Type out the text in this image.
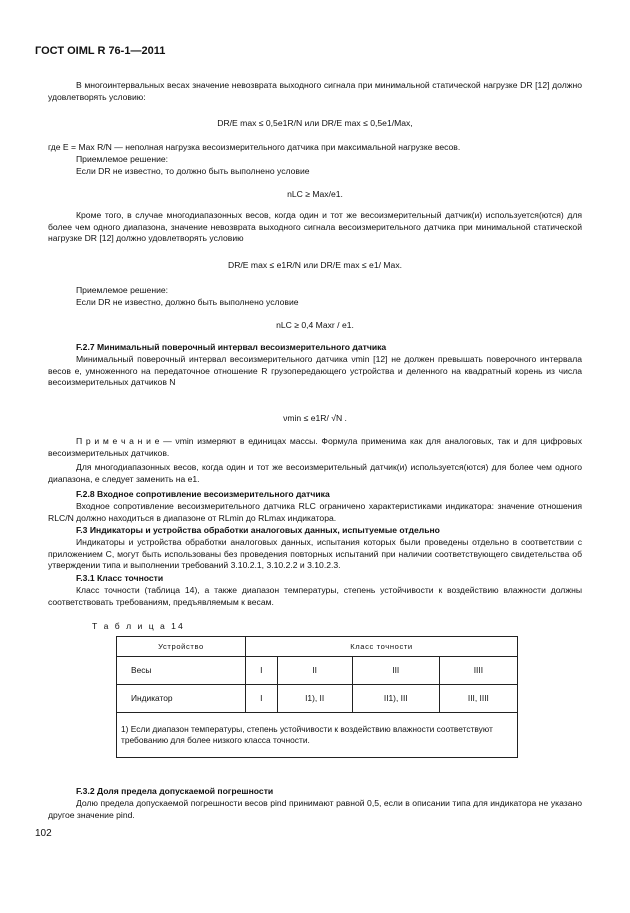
ГОСТ OIML R 76-1—2011
В многоинтервальных весах значение невозврата выходного сигнала при минимальной статической нагрузке DR [12] должно удовлетворять условию:
DR/E max ≤ 0,5e1R/N или DR/E max ≤ 0,5e1/Max,
где E = Max R/N — неполная нагрузка весоизмерительного датчика при максимальной нагрузке весов.
Приемлемое решение:
Если DR не известно, то должно быть выполнено условие
nLC ≥ Max/e1.
Кроме того, в случае многодиапазонных весов, когда один и тот же весоизмерительный датчик(и) используется(ются) для более чем одного диапазона, значение невозврата выходного сигнала весоизмерительного датчика при минимальной статической нагрузке DR [12] должно удовлетворять условию
DR/E max ≤ e1R/N или DR/E max ≤ e1/ Max.
Приемлемое решение:
Если DR не известно, должно быть выполнено условие
nLC ≥ 0,4 Maxr / e1.
F.2.7 Минимальный поверочный интервал весоизмерительного датчика
Минимальный поверочный интервал весоизмерительного датчика νmin [12] не должен превышать поверочного интервала весов e, умноженного на передаточное отношение R грузопередающего устройства и деленного на квадратный корень из числа весоизмерительных датчиков N
νmin ≤ e1R/ √N .
П р и м е ч а н и е — νmin измеряют в единицах массы. Формула применима как для аналоговых, так и для цифровых весоизмерительных датчиков.
Для многодиапазонных весов, когда один и тот же весоизмерительный датчик(и) используется(ются) для более чем одного диапазона, e следует заменить на e1.
F.2.8 Входное сопротивление весоизмерительного датчика
Входное сопротивление весоизмерительного датчика RLC ограничено характеристиками индикатора: значение отношения RLC/N должно находиться в диапазоне от RLmin до RLmax индикатора.
F.3 Индикаторы и устройства обработки аналоговых данных, испытуемые отдельно
Индикаторы и устройства обработки аналоговых данных, испытания которых были проведены отдельно в соответствии с приложением С, могут быть использованы без проведения повторных испытаний при наличии соответствующего свидетельства об утверждении типа и выполнении требований 3.10.2.1, 3.10.2.2 и 3.10.2.3.
F.3.1 Класс точности
Класс точности (таблица 14), а также диапазон температуры, степень устойчивости к воздействию влажности должны соответствовать требованиям, предъявляемым к весам.
Т а б л и ц а 14
Устройство	Класс точности			
Весы	I	II	III	IIII
Индикатор	I	I1), II	II1), III	III, IIII
1) Если диапазон температуры, степень устойчивости к воздействию влажности соответствуют требованию для более низкого класса точности.				
F.3.2 Доля предела допускаемой погрешности
Долю предела допускаемой погрешности весов pind принимают равной 0,5, если в описании типа для индикатора не указано другое значение pind.
102
